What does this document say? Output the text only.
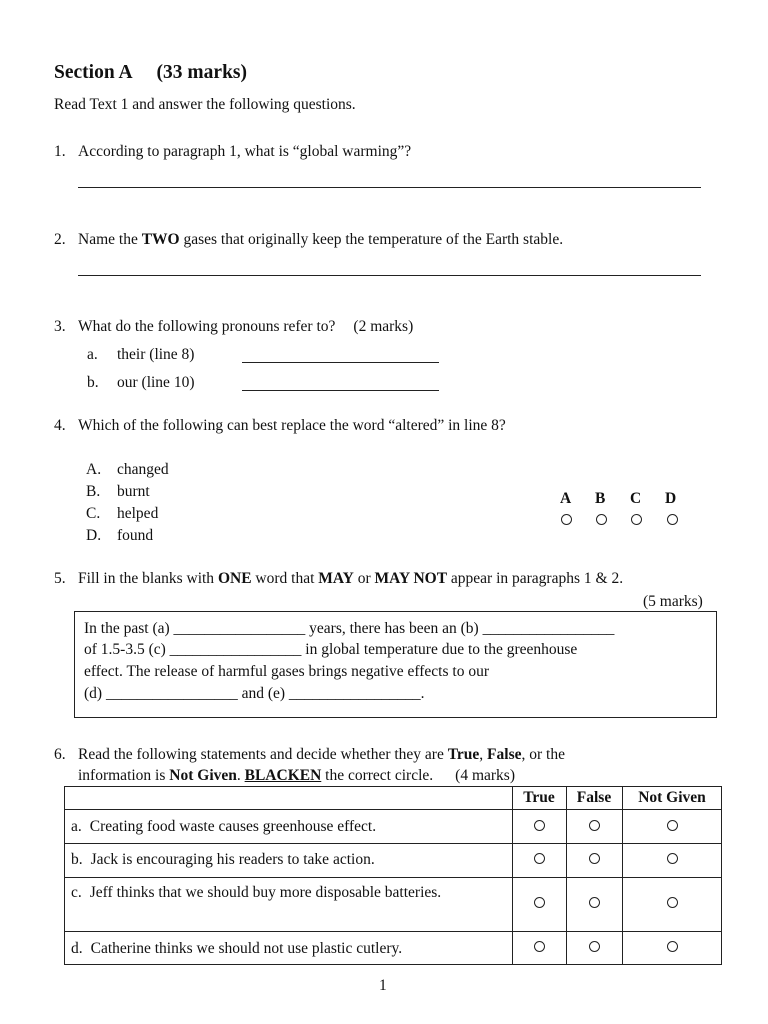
Section A (33 marks)
Read Text 1 and answer the following questions.
1. According to paragraph 1, what is “global warming”?
2. Name the TWO gases that originally keep the temperature of the Earth stable.
3. What do the following pronouns refer to? (2 marks)
a. their (line 8)
b. our (line 10)
4. Which of the following can best replace the word “altered” in line 8?
A. changed
B. burnt
C. helped
D. found
A B C D
5. Fill in the blanks with ONE word that MAY or MAY NOT appear in paragraphs 1 & 2.
(5 marks)
In the past (a) _________________ years, there has been an (b) _________________
of 1.5-3.5 (c) _________________ in global temperature due to the greenhouse
effect. The release of harmful gases brings negative effects to our
(d) _________________ and (e) _________________.
6. Read the following statements and decide whether they are True, False, or the
information is Not Given. BLACKEN the correct circle. (4 marks)
True	False	Not Given
a. Creating food waste causes greenhouse effect.
b. Jack is encouraging his readers to take action.
c. Jeff thinks that we should buy more disposable batteries.
d. Catherine thinks we should not use plastic cutlery.
1
